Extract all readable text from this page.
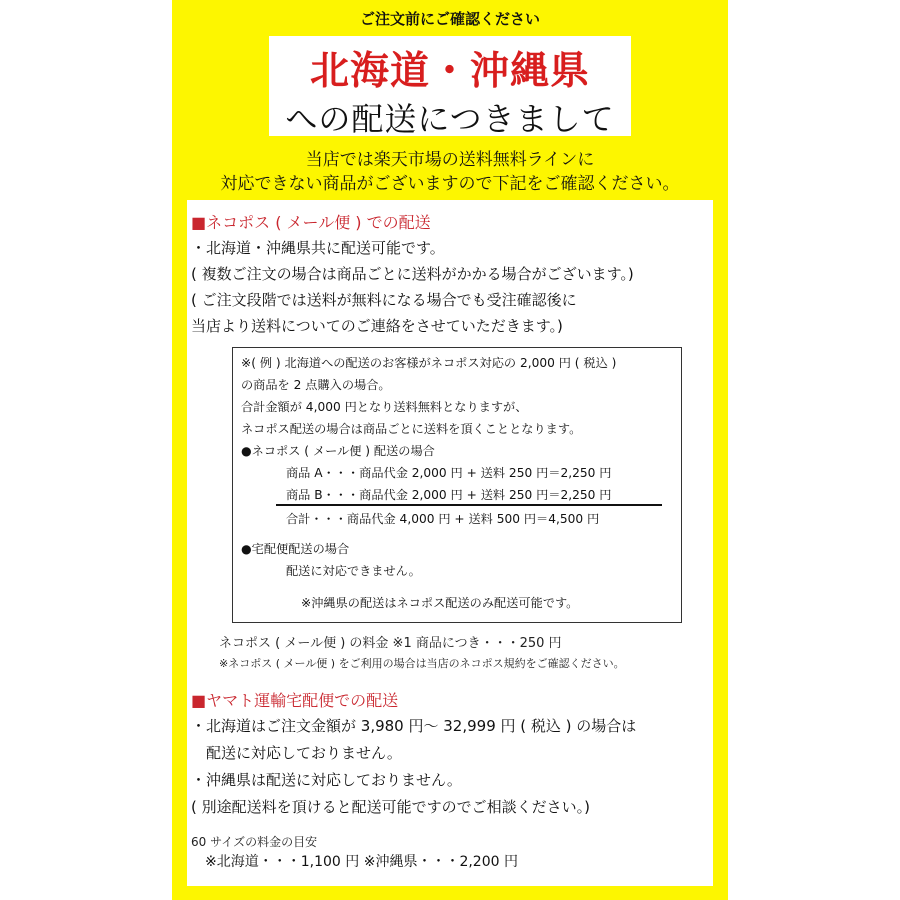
ご注文前にご確認ください
北海道・沖縄県
への配送につきまして
当店では楽天市場の送料無料ラインに
対応できない商品がございますので下記をご確認ください。
■ネコポス ( メール便 ) での配送
・北海道・沖縄県共に配送可能です。
( 複数ご注文の場合は商品ごとに送料がかかる場合がございます。)
( ご注文段階では送料が無料になる場合でも受注確認後に
当店より送料についてのご連絡をさせていただきます。)
※( 例 ) 北海道への配送のお客様がネコポス対応の 2,000 円 ( 税込 )
の商品を 2 点購入の場合。
合計金額が 4,000 円となり送料無料となりますが、
ネコポス配送の場合は商品ごとに送料を頂くこととなります。
●ネコポス ( メール便 ) 配送の場合
商品 A・・・商品代金 2,000 円 + 送料 250 円＝2,250 円
商品 B・・・商品代金 2,000 円 + 送料 250 円＝2,250 円
合計・・・商品代金 4,000 円 + 送料 500 円＝4,500 円
●宅配便配送の場合
配送に対応できません。
※沖縄県の配送はネコポス配送のみ配送可能です。
ネコポス ( メール便 ) の料金 ※1 商品につき・・・250 円
※ネコポス ( メール便 ) をご利用の場合は当店のネコポス規約をご確認ください。
■ヤマト運輸宅配便での配送
・北海道はご注文金額が 3,980 円〜 32,999 円 ( 税込 ) の場合は
　配送に対応しておりません。
・沖縄県は配送に対応しておりません。
( 別途配送料を頂けると配送可能ですのでご相談ください。)
60 サイズの料金の目安
※北海道・・・1,100 円 ※沖縄県・・・2,200 円
